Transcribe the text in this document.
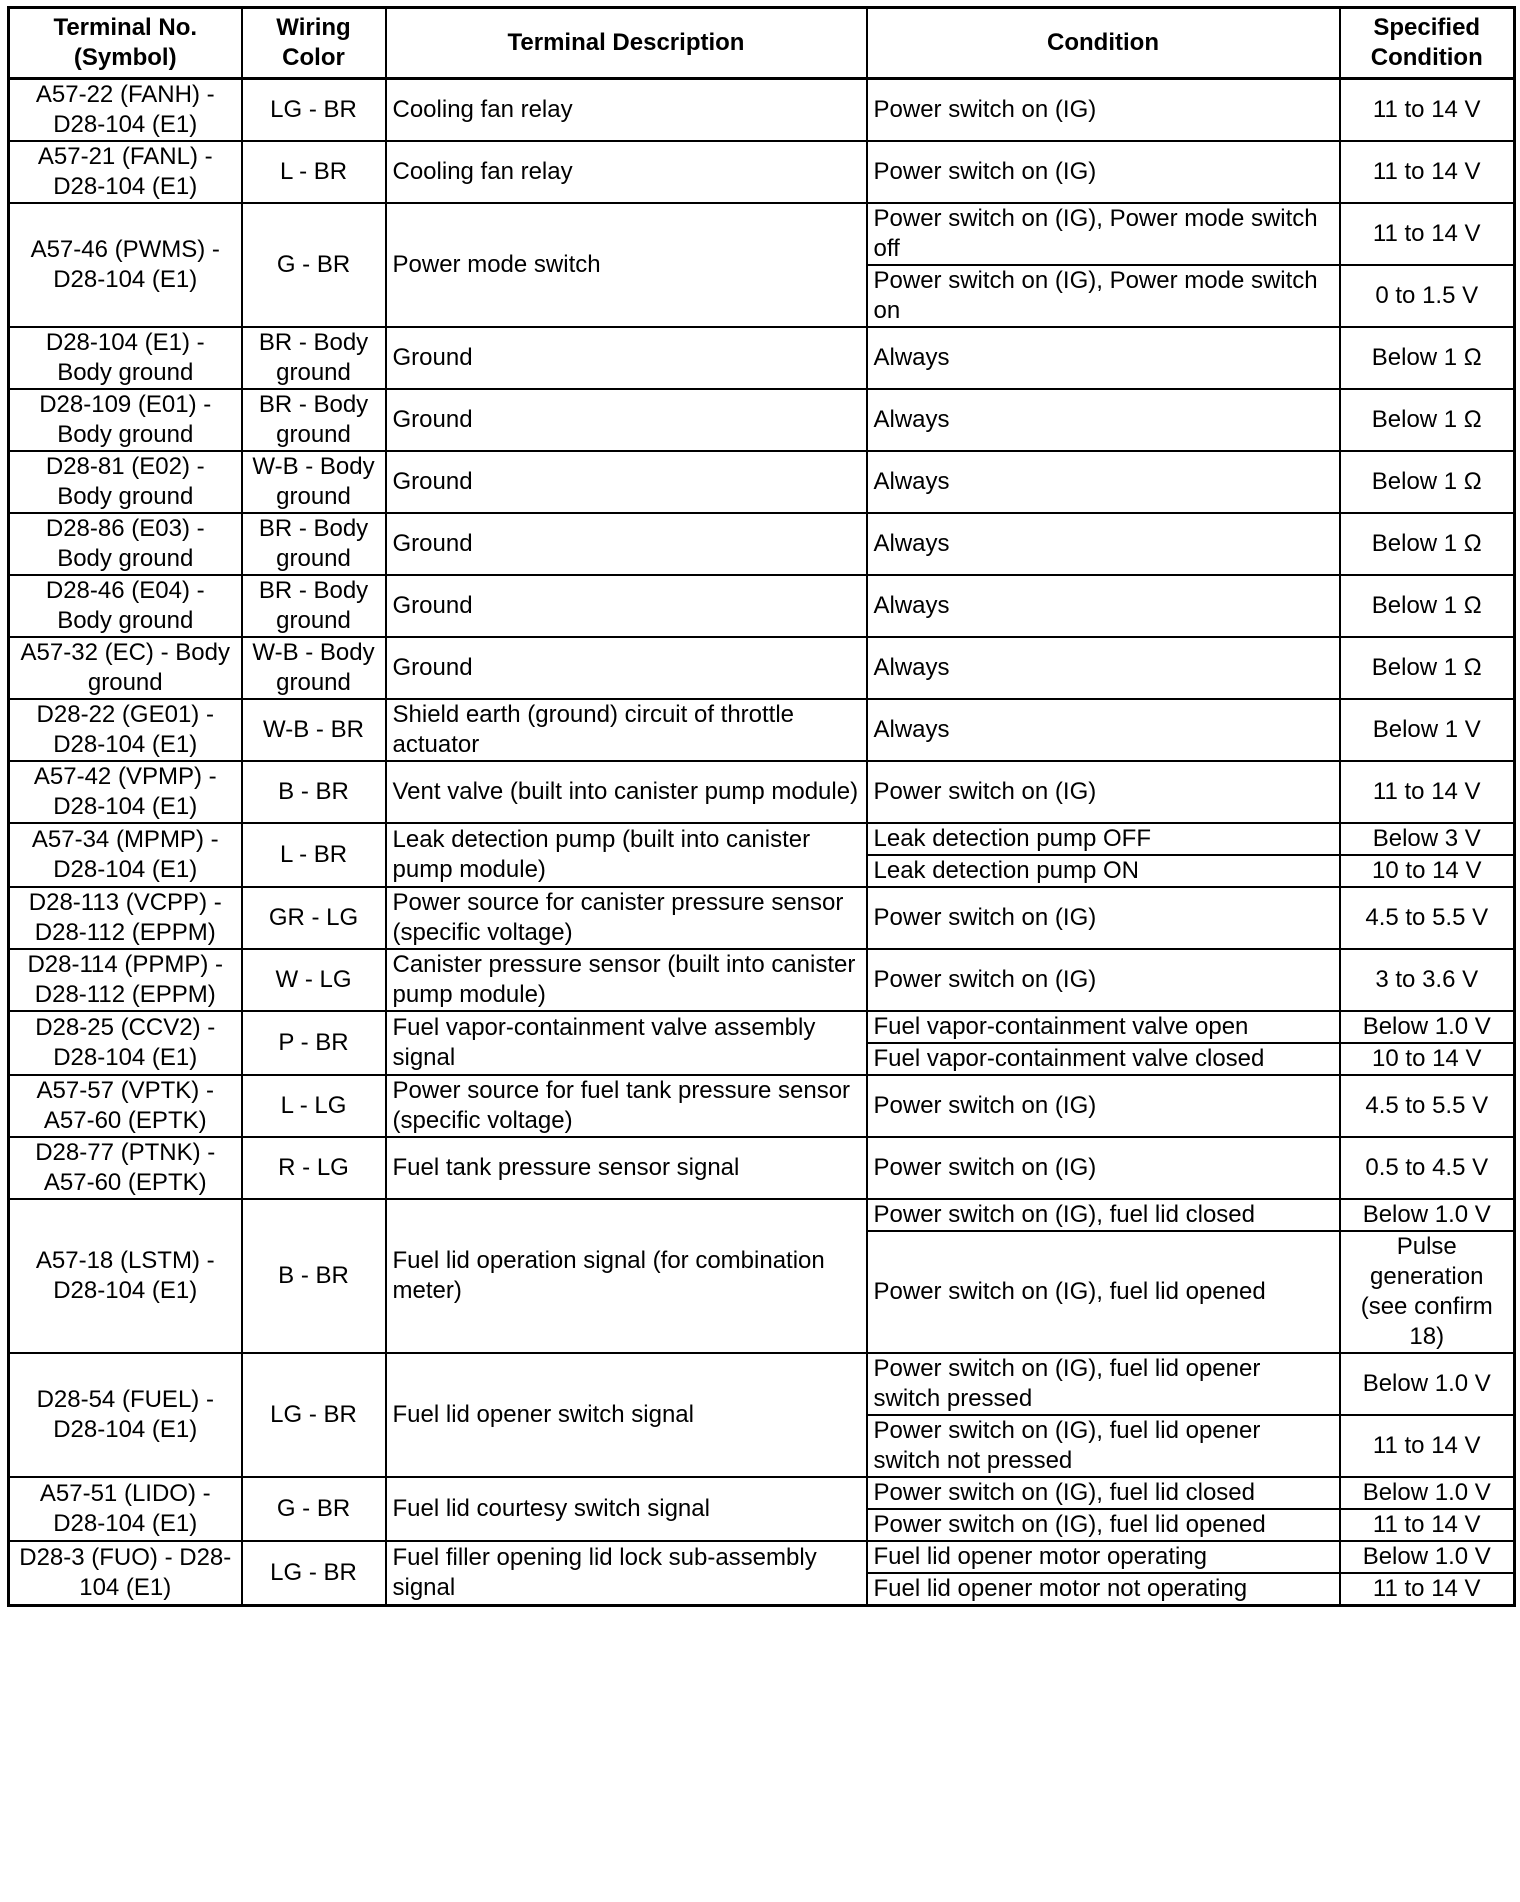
Terminal No. (Symbol)	Wiring Color	Terminal Description	Condition	Specified Condition
A57-22 (FANH) - D28-104 (E1)	LG - BR	Cooling fan relay	Power switch on (IG)	11 to 14 V
A57-21 (FANL) - D28-104 (E1)	L - BR	Cooling fan relay	Power switch on (IG)	11 to 14 V
A57-46 (PWMS) - D28-104 (E1)	G - BR	Power mode switch	Power switch on (IG), Power mode switch off	11 to 14 V
			Power switch on (IG), Power mode switch on	0 to 1.5 V
D28-104 (E1) - Body ground	BR - Body ground	Ground	Always	Below 1 Ω
D28-109 (E01) - Body ground	BR - Body ground	Ground	Always	Below 1 Ω
D28-81 (E02) - Body ground	W-B - Body ground	Ground	Always	Below 1 Ω
D28-86 (E03) - Body ground	BR - Body ground	Ground	Always	Below 1 Ω
D28-46 (E04) - Body ground	BR - Body ground	Ground	Always	Below 1 Ω
A57-32 (EC) - Body ground	W-B - Body ground	Ground	Always	Below 1 Ω
D28-22 (GE01) - D28-104 (E1)	W-B - BR	Shield earth (ground) circuit of throttle actuator	Always	Below 1 V
A57-42 (VPMP) - D28-104 (E1)	B - BR	Vent valve (built into canister pump module)	Power switch on (IG)	11 to 14 V
A57-34 (MPMP) - D28-104 (E1)	L - BR	Leak detection pump (built into canister pump module)	Leak detection pump OFF	Below 3 V
			Leak detection pump ON	10 to 14 V
D28-113 (VCPP) - D28-112 (EPPM)	GR - LG	Power source for canister pressure sensor (specific voltage)	Power switch on (IG)	4.5 to 5.5 V
D28-114 (PPMP) - D28-112 (EPPM)	W - LG	Canister pressure sensor (built into canister pump module)	Power switch on (IG)	3 to 3.6 V
D28-25 (CCV2) - D28-104 (E1)	P - BR	Fuel vapor-containment valve assembly signal	Fuel vapor-containment valve open	Below 1.0 V
			Fuel vapor-containment valve closed	10 to 14 V
A57-57 (VPTK) - A57-60 (EPTK)	L - LG	Power source for fuel tank pressure sensor (specific voltage)	Power switch on (IG)	4.5 to 5.5 V
D28-77 (PTNK) - A57-60 (EPTK)	R - LG	Fuel tank pressure sensor signal	Power switch on (IG)	0.5 to 4.5 V
A57-18 (LSTM) - D28-104 (E1)	B - BR	Fuel lid operation signal (for combination meter)	Power switch on (IG), fuel lid closed	Below 1.0 V
			Power switch on (IG), fuel lid opened	Pulse generation (see confirm 18)
D28-54 (FUEL) - D28-104 (E1)	LG - BR	Fuel lid opener switch signal	Power switch on (IG), fuel lid opener switch pressed	Below 1.0 V
			Power switch on (IG), fuel lid opener switch not pressed	11 to 14 V
A57-51 (LIDO) - D28-104 (E1)	G - BR	Fuel lid courtesy switch signal	Power switch on (IG), fuel lid closed	Below 1.0 V
			Power switch on (IG), fuel lid opened	11 to 14 V
D28-3 (FUO) - D28-104 (E1)	LG - BR	Fuel filler opening lid lock sub-assembly signal	Fuel lid opener motor operating	Below 1.0 V
			Fuel lid opener motor not operating	11 to 14 V
